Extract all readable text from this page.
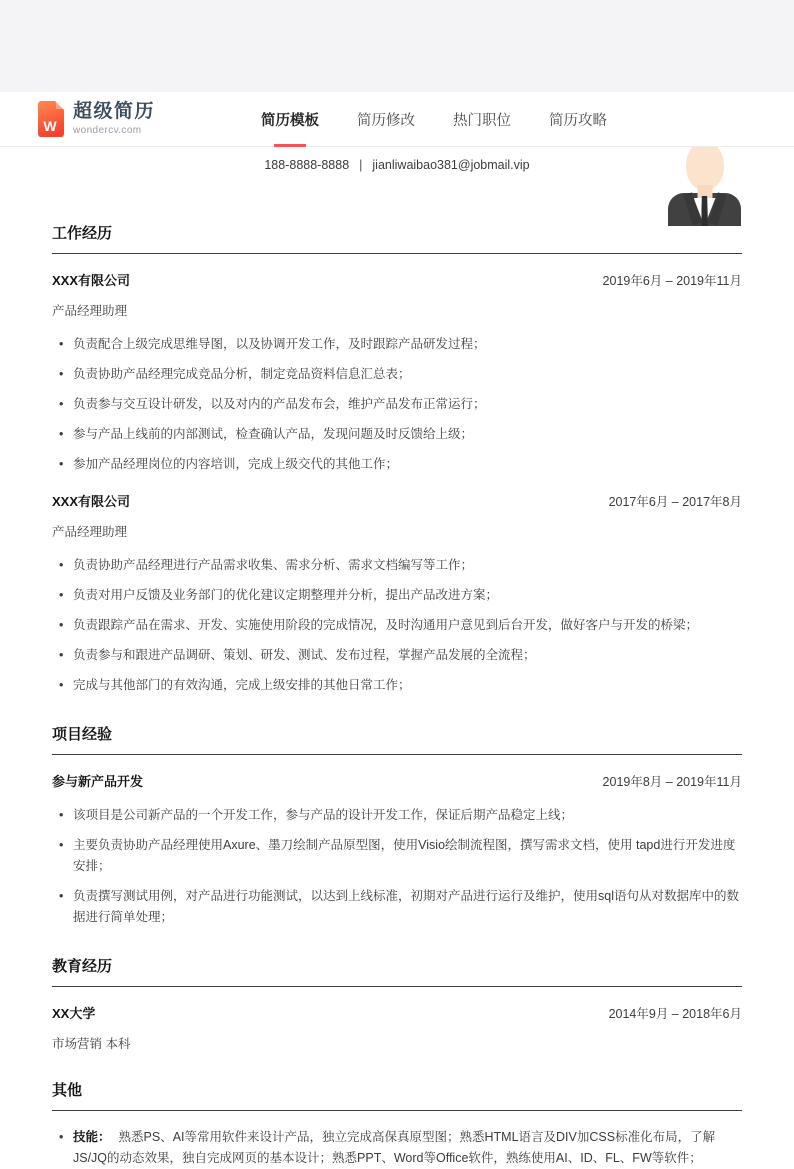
W
超级简历
wondercv.com
简历模板	简历修改	热门职位	简历攻略
188-8888-8888 | jianliwaibao381@jobmail.vip
工作经历
XXX有限公司	2019年6月 – 2019年11月
产品经理助理
• 负责配合上级完成思维导图，以及协调开发工作，及时跟踪产品研发过程；
• 负责协助产品经理完成竞品分析，制定竞品资料信息汇总表；
• 负责参与交互设计研发，以及对内的产品发布会，维护产品发布正常运行；
• 参与产品上线前的内部测试，检查确认产品，发现问题及时反馈给上级；
• 参加产品经理岗位的内容培训，完成上级交代的其他工作；
XXX有限公司	2017年6月 – 2017年8月
产品经理助理
• 负责协助产品经理进行产品需求收集、需求分析、需求文档编写等工作；
• 负责对用户反馈及业务部门的优化建议定期整理并分析，提出产品改进方案；
• 负责跟踪产品在需求、开发、实施使用阶段的完成情况，及时沟通用户意见到后台开发，做好客户与开发的桥梁；
• 负责参与和跟进产品调研、策划、研发、测试、发布过程，掌握产品发展的全流程；
• 完成与其他部门的有效沟通，完成上级安排的其他日常工作；
项目经验
参与新产品开发	2019年8月 – 2019年11月
• 该项目是公司新产品的一个开发工作，参与产品的设计开发工作，保证后期产品稳定上线；
• 主要负责协助产品经理使用Axure、墨刀绘制产品原型图，使用Visio绘制流程图，撰写需求文档，使用 tapd进行开发进度安排；
• 负责撰写测试用例，对产品进行功能测试，以达到上线标准，初期对产品进行运行及维护，使用sql语句从对数据库中的数据进行简单处理；
教育经历
XX大学	2014年9月 – 2018年6月
市场营销 本科
其他
• 技能： 熟悉PS、AI等常用软件来设计产品，独立完成高保真原型图；熟悉HTML语言及DIV加CSS标准化布局，了解JS/JQ的动态效果，独自完成网页的基本设计；熟悉PPT、Word等Office软件，熟练使用AI、ID、FL、FW等软件；
